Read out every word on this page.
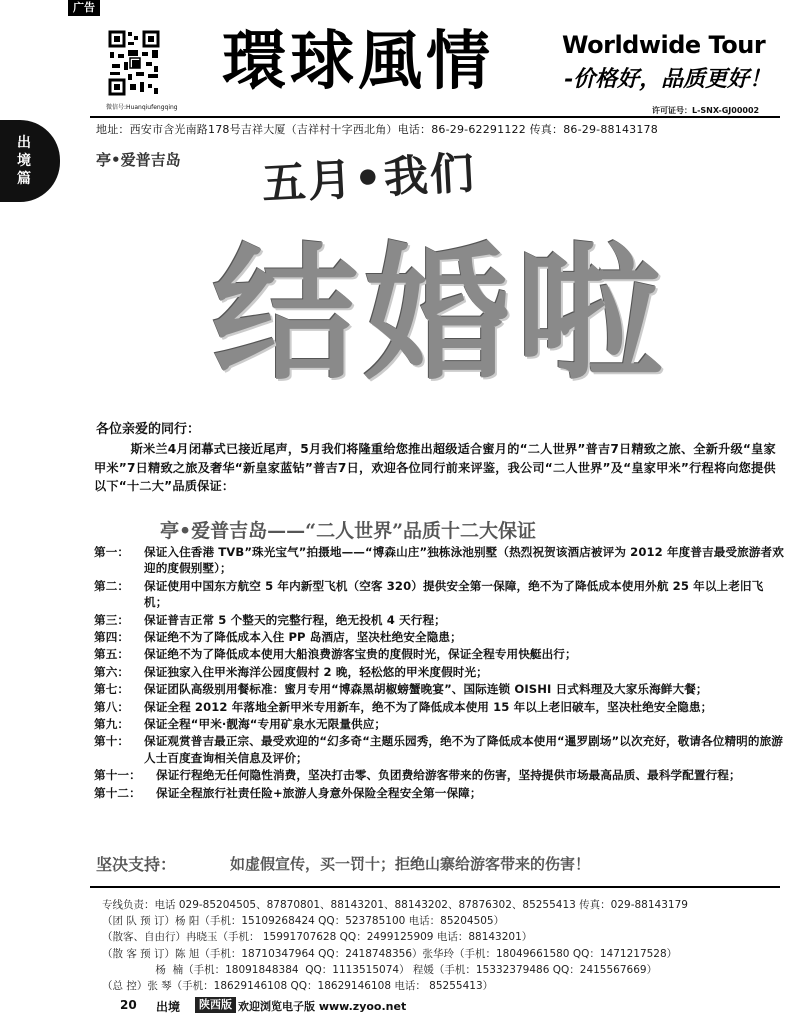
广告
出
境
篇
微信号:Huanqiufengqing
環球風情	Worldwide Tour
-价格好，品质更好！
许可证号：L-SNX-GJ00002
地址：西安市含光南路178号吉祥大厦（吉祥村十字西北角）电话：86-29-62291122 传真：86-29-88143178
亭•爱普吉岛 五月•我们
结婚啦
各位亲爱的同行：
斯米兰4月闭幕式已接近尾声，5月我们将隆重给您推出超级适合蜜月的“二人世界”普吉7日精致之旅、全新升级“皇家甲米”7日精致之旅及奢华“新皇家蓝钻”普吉7日，欢迎各位同行前来评鉴，我公司“二人世界”及“皇家甲米”行程将向您提供以下“十二大”品质保证：
亭•爱普吉岛——“二人世界”品质十二大保证
第一：	保证入住香港 TVB”珠光宝气”拍摄地——“博森山庄”独栋泳池别墅（热烈祝贺该酒店被评为 2012 年度普吉最受旅游者欢迎的度假别墅）；
第二：	保证使用中国东方航空 5 年内新型飞机（空客 320）提供安全第一保障，绝不为了降低成本使用外航 25 年以上老旧飞机；
第三：	保证普吉正常 5 个整天的完整行程，绝无投机 4 天行程；
第四：	保证绝不为了降低成本入住 PP 岛酒店，坚决杜绝安全隐患；
第五：	保证绝不为了降低成本使用大船浪费游客宝贵的度假时光，保证全程专用快艇出行；
第六：	保证独家入住甲米海洋公园度假村 2 晚，轻松悠的甲米度假时光；
第七：	保证团队高级别用餐标准：蜜月专用“博森黑胡椒螃蟹晚宴”、国际连锁 OISHI 日式料理及大家乐海鲜大餐；
第八：	保证全程 2012 年落地全新甲米专用新车，绝不为了降低成本使用 15 年以上老旧破车，坚决杜绝安全隐患；
第九：	保证全程“甲米·靓海“专用矿泉水无限量供应；
第十：	保证观赏普吉最正宗、最受欢迎的“幻多奇“主题乐园秀，绝不为了降低成本使用“暹罗剧场”以次充好，敬请各位精明的旅游人士百度查询相关信息及评价；
第十一：	保证行程绝无任何隐性消费，坚决打击零、负团费给游客带来的伤害，坚持提供市场最高品质、最科学配置行程；
第十二：	保证全程旅行社责任险+旅游人身意外保险全程安全第一保障；
坚决支持：	如虚假宣传，买一罚十；拒绝山寨给游客带来的伤害！
专线负责：电话 029-85204505、87870801、88143201、88143202、87876302、85255413 传真：029-88143179
（团 队 预 订）杨 阳（手机：15109268424 QQ：523785100 电话：85204505）
（散客、自由行）冉晓玉（手机： 15991707628 QQ：2499125909 电话：88143201）
（散 客 预 订）陈 旭（手机：18710347964 QQ：2418748356）张华玲（手机：18049661580 QQ：1471217528）
杨  楠（手机：18091848384  QQ：1113515074） 程媛（手机：15332379486 QQ：2415567669）
（总 控）张 琴（手机：18629146108 QQ：18629146108 电话： 85255413）
20 出境	陕西版 欢迎浏览电子版 www.zyoo.net
